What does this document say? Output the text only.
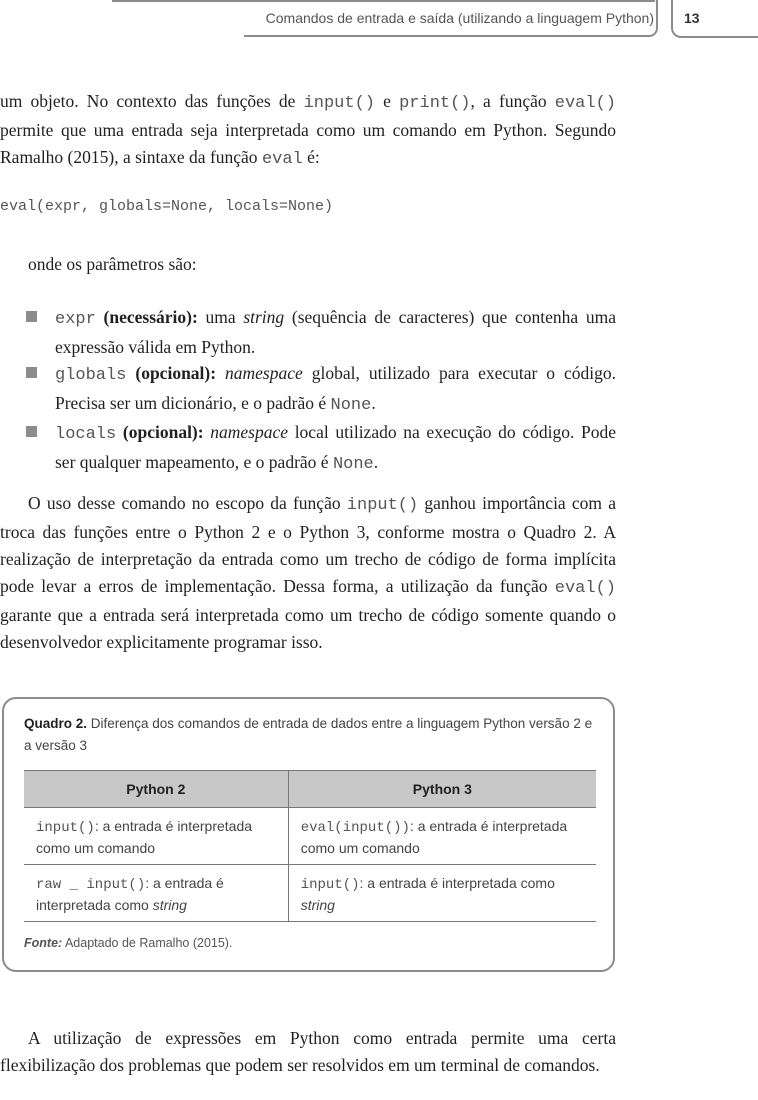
Comandos de entrada e saída (utilizando a linguagem Python) 13
um objeto. No contexto das funções de input() e print(), a função eval() permite que uma entrada seja interpretada como um comando em Python. Segundo Ramalho (2015), a sintaxe da função eval é:
eval(expr, globals=None, locals=None)
onde os parâmetros são:
expr (necessário): uma string (sequência de caracteres) que contenha uma expressão válida em Python.
globals (opcional): namespace global, utilizado para executar o código. Precisa ser um dicionário, e o padrão é None.
locals (opcional): namespace local utilizado na execução do código. Pode ser qualquer mapeamento, e o padrão é None.
O uso desse comando no escopo da função input() ganhou importância com a troca das funções entre o Python 2 e o Python 3, conforme mostra o Quadro 2. A realização de interpretação da entrada como um trecho de código de forma implícita pode levar a erros de implementação. Dessa forma, a utilização da função eval() garante que a entrada será interpretada como um trecho de código somente quando o desenvolvedor explicitamente programar isso.
Quadro 2. Diferença dos comandos de entrada de dados entre a linguagem Python versão 2 e a versão 3
Python 2	Python 3
input(): a entrada é interpretada como um comando	eval(input()): a entrada é interpretada como um comando
raw _ input(): a entrada é interpretada como string	input(): a entrada é interpretada como string
Fonte: Adaptado de Ramalho (2015).
A utilização de expressões em Python como entrada permite uma certa flexibilização dos problemas que podem ser resolvidos em um terminal de comandos.
